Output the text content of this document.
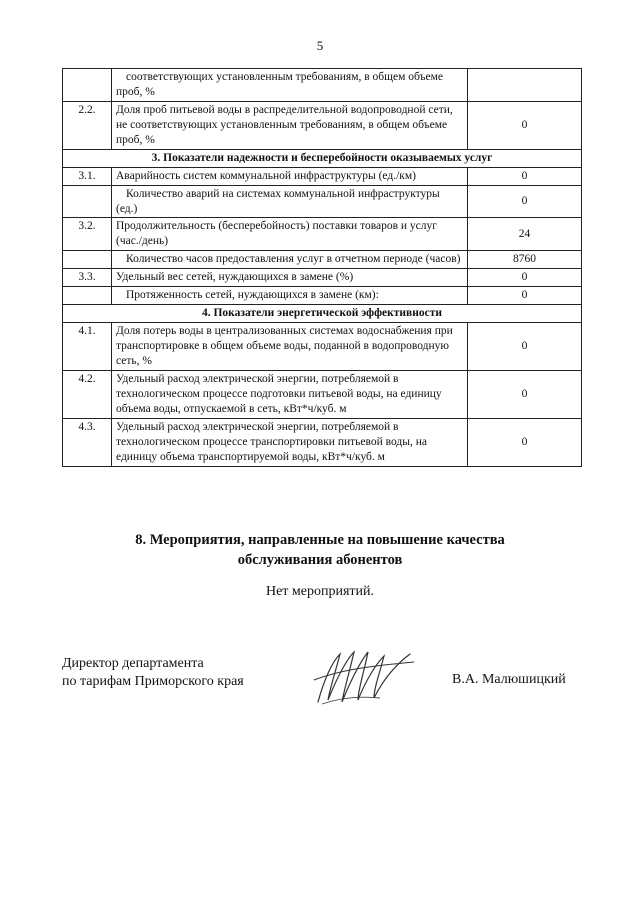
5
	соответствующих установленным требованиям, в общем объеме проб, %	
2.2.	Доля проб питьевой воды в распределительной водопроводной сети, не соответствующих установленным требованиям, в общем объеме проб, %	0
3. Показатели надежности и бесперебойности оказываемых услуг		
3.1.	Аварийность систем коммунальной инфраструктуры (ед./км)	0
	Количество аварий на системах коммунальной инфраструктуры (ед.)	0
3.2.	Продолжительность (бесперебойность) поставки товаров и услуг (час./день)	24
	Количество часов предоставления услуг в отчетном периоде (часов)	8760
3.3.	Удельный вес сетей, нуждающихся в замене (%)	0
	Протяженность сетей, нуждающихся в замене (км):	0
4. Показатели энергетической эффективности		
4.1.	Доля потерь воды в централизованных системах водоснабжения при транспортировке в общем объеме воды, поданной в водопроводную сеть, %	0
4.2.	Удельный расход электрической энергии, потребляемой в технологическом процессе подготовки питьевой воды, на единицу объема воды, отпускаемой в сеть, кВт*ч/куб. м	0
4.3.	Удельный расход электрической энергии, потребляемой в технологическом процессе транспортировки питьевой воды, на единицу объема транспортируемой воды, кВт*ч/куб. м	0
8. Мероприятия, направленные на повышение качества
обслуживания абонентов
Нет мероприятий.
Директор департамента
по тарифам Приморского края	В.А. Малюшицкий
